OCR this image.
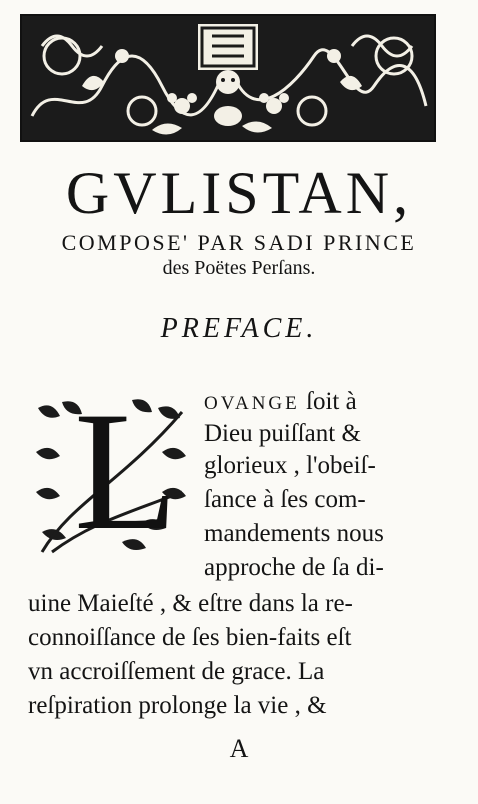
GVLISTAN,
COMPOSE' PAR SADI PRINCE
des Poëtes Perſans.
PREFACE.
L OVANGE ſoit à
Dieu puiſſant &
glorieux , l'obeiſ-
ſance à ſes com-
mandements nous
approche de ſa di-
uine Maieſté , & eſtre dans la re-
connoiſſance de ſes bien-faits eſt
vn accroiſſement de grace. La
reſpiration prolonge la vie , &
A
